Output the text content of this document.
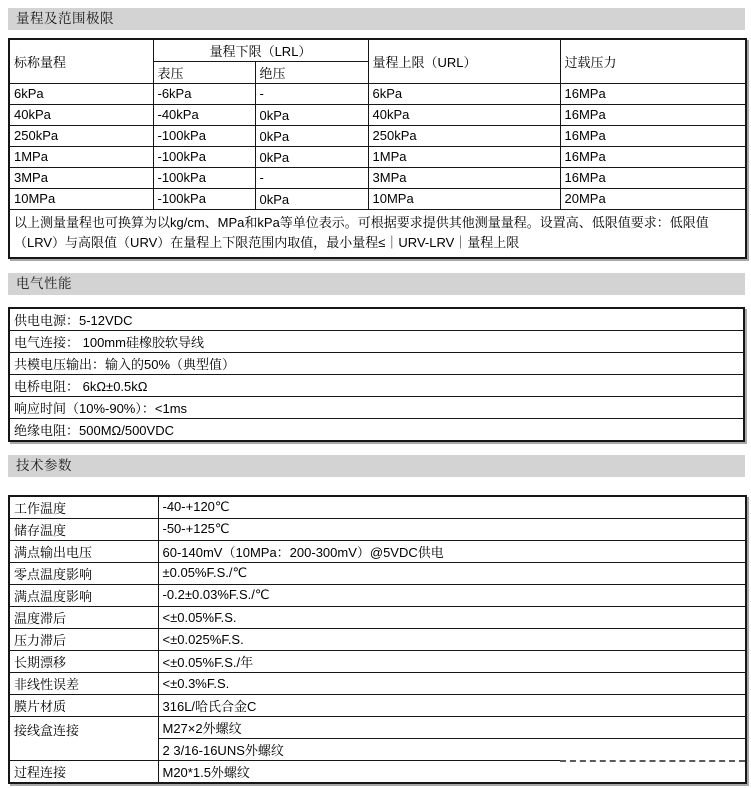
量程及范围极限
标称量程	量程下限（LRL）		量程上限（URL）	过载压力
	表压	绝压		
6kPa	-6kPa	-	6kPa	16MPa
40kPa	-40kPa	0kPa	40kPa	16MPa
250kPa	-100kPa	0kPa	250kPa	16MPa
1MPa	-100kPa	0kPa	1MPa	16MPa
3MPa	-100kPa	-	3MPa	16MPa
10MPa	-100kPa	0kPa	10MPa	20MPa
以上测量量程也可换算为以kg/cm、MPa和kPa等单位表示。可根据要求提供其他测量量程。设置高、低限值要求：低限值（LRV）与高限值（URV）在量程上下限范围内取值，最小量程≤｜URV-LRV｜量程上限				
电气性能
供电电源：5-12VDC
电气连接： 100mm硅橡胶软导线
共模电压输出：输入的50%（典型值）
电桥电阻： 6kΩ±0.5kΩ
响应时间（10%-90%）：<1ms
绝缘电阻：500MΩ/500VDC
技术参数
工作温度	-40-+120℃
储存温度	-50-+125℃
满点输出电压	60-140mV（10MPa：200-300mV）@5VDC供电
零点温度影响	±0.05%F.S./℃
满点温度影响	-0.2±0.03%F.S./℃
温度滞后	<±0.05%F.S.
压力滞后	<±0.025%F.S.
长期漂移	<±0.05%F.S./年
非线性误差	<±0.3%F.S.
膜片材质	316L/哈氏合金C
接线盒连接	M27×2外螺纹
	2 3/16-16UNS外螺纹
过程连接	M20*1.5外螺纹
